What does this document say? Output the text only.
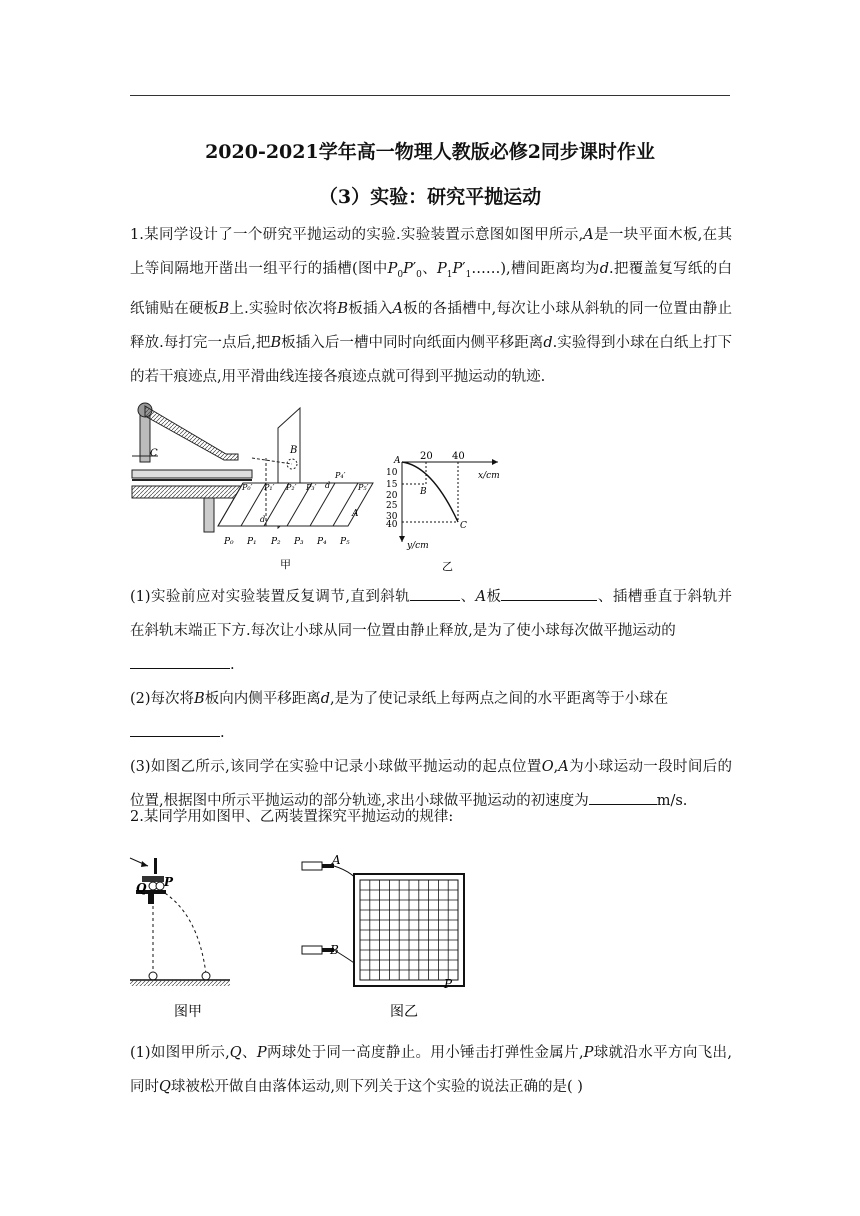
2020-2021学年高一物理人教版必修2同步课时作业
（3）实验：研究平抛运动

1.某同学设计了一个研究平抛运动的实验.实验装置示意图如图甲所示,A是一块平面木板,在其上等间隔地开凿出一组平行的插槽(图中$P_0P'_0$、$P_1P'_1\dots\dots$),槽间距离均为d.把覆盖复写纸的白纸铺贴在硬板B上.实验时依次将B板插入A板的各插槽中,每次让小球从斜轨的同一位置由静止释放.每打完一点后,把B板插入后一槽中同时向纸面内侧平移距离d.实验得到小球在白纸上打下的若干痕迹点,用平滑曲线连接各痕迹点就可得到平抛运动的轨迹.

C	B
P₀′ P₁′ P₂′ P₃′
P₄′
P₅′
d
A
d
P₀ P₁ P₂ P₃ P₄ P₅
甲
x/cm
y/cm
20 40
10
15
20
25
30
40
A
B
C
乙

(1)实验前应对实验装置反复调节,直到斜轨	、A板	、插槽垂直于斜轨并在斜轨末端正下方.每次让小球从同一位置由静止释放,是为了使小球每次做平抛运动的
.

(2)每次将B板向内侧平移距离d,是为了使记录纸上每两点之间的水平距离等于小球在
.

(3)如图乙所示,该同学在实验中记录小球做平抛运动的起点位置O,A为小球运动一段时间后的位置,根据图中所示平抛运动的部分轨迹,求出小球做平抛运动的初速度为	m/s.

2.某同学用如图甲、乙两装置探究平抛运动的规律:

Q P
图甲
A
B
P
图乙

(1)如图甲所示,Q、P两球处于同一高度静止。用小锤击打弹性金属片,P球就沿水平方向飞出,同时Q球被松开做自由落体运动,则下列关于这个实验的说法正确的是( )
